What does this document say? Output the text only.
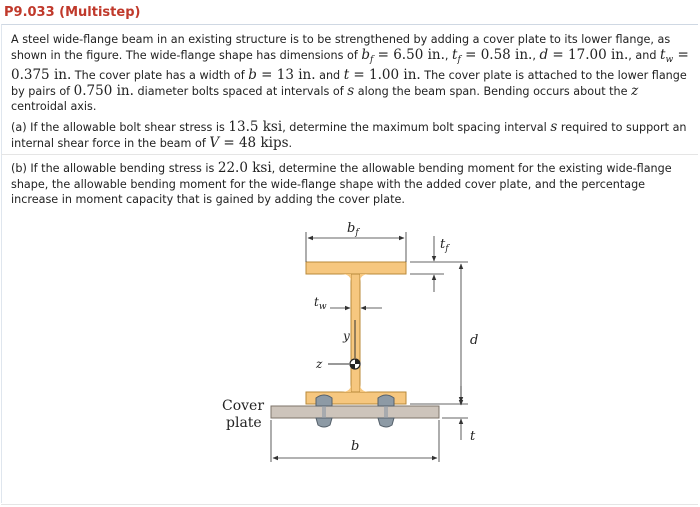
P9.033 (Multistep)

A steel wide-flange beam in an existing structure is to be strengthened by adding a cover plate to its lower flange, as shown in the figure. The wide-flange shape has dimensions of $b_f = 6.50$ in., $t_f = 0.58$ in., d = 17.00 in., and $t_w = 0.375$ in. The cover plate has a width of b = 13 in. and t = 1.00 in. The cover plate is attached to the lower flange by pairs of 0.750 in. diameter bolts spaced at intervals of s along the beam span. Bending occurs about the z centroidal axis.

(a) If the allowable bolt shear stress is 13.5 ksi, determine the maximum bolt spacing interval s required to support an internal shear force in the beam of V = 48 kips.

(b) If the allowable bending stress is 22.0 ksi, determine the allowable bending moment for the existing wide-flange shape, the allowable bending moment for the wide-flange shape with the added cover plate, and the percentage increase in moment capacity that is gained by adding the cover plate.

$b_f$
$t_f$
$t_w$
y
z
d
b
t
Cover
plate
